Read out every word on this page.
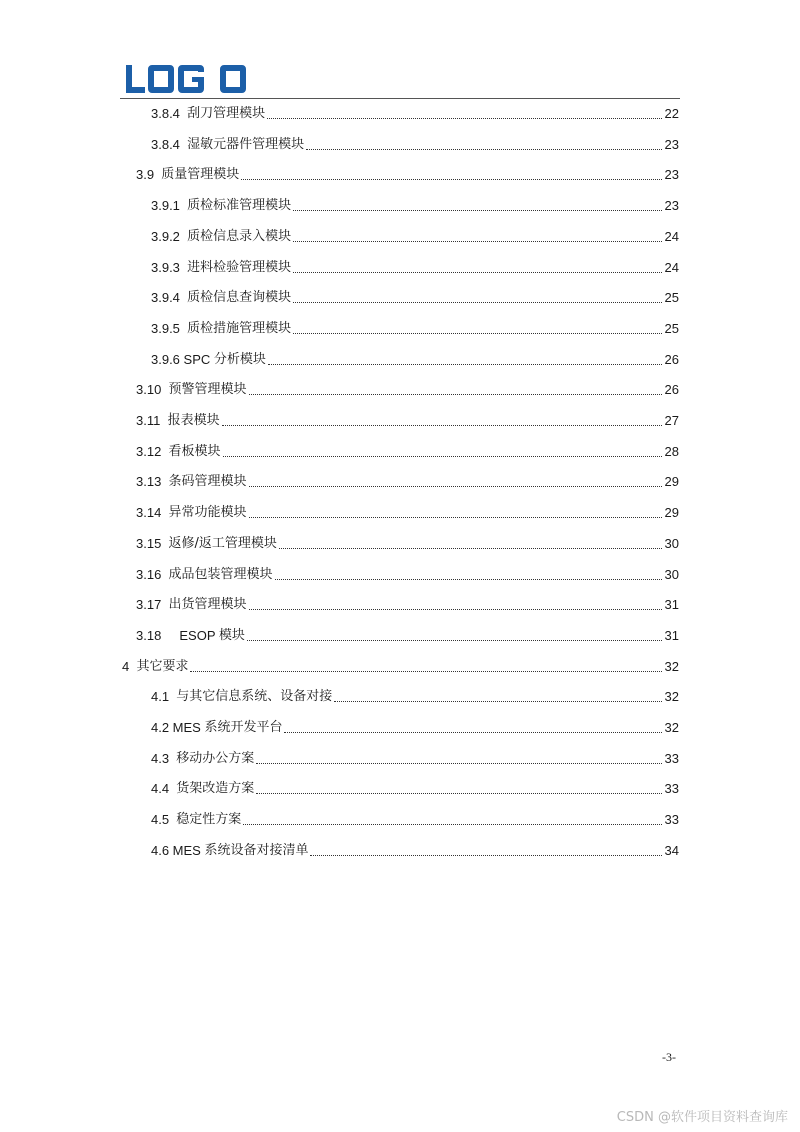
3.8.4 刮刀管理模块	22
3.8.4 湿敏元器件管理模块	23
3.9 质量管理模块	23
3.9.1 质检标准管理模块	23
3.9.2 质检信息录入模块	24
3.9.3 进料检验管理模块	24
3.9.4 质检信息查询模块	25
3.9.5 质检措施管理模块	25
3.9.6 SPC 分析模块	26
3.10 预警管理模块	26
3.11 报表模块	27
3.12 看板模块	28
3.13 条码管理模块	29
3.14 异常功能模块	29
3.15 返修/返工管理模块	30
3.16 成品包装管理模块	30
3.17 出货管理模块	31
3.18     ESOP 模块	31
4 其它要求	32
4.1 与其它信息系统、设备对接	32
4.2 MES 系统开发平台	32
4.3 移动办公方案	33
4.4 货架改造方案	33
4.5 稳定性方案	33
4.6 MES 系统设备对接清单	34
-3-
CSDN @软件项目资料查询库
